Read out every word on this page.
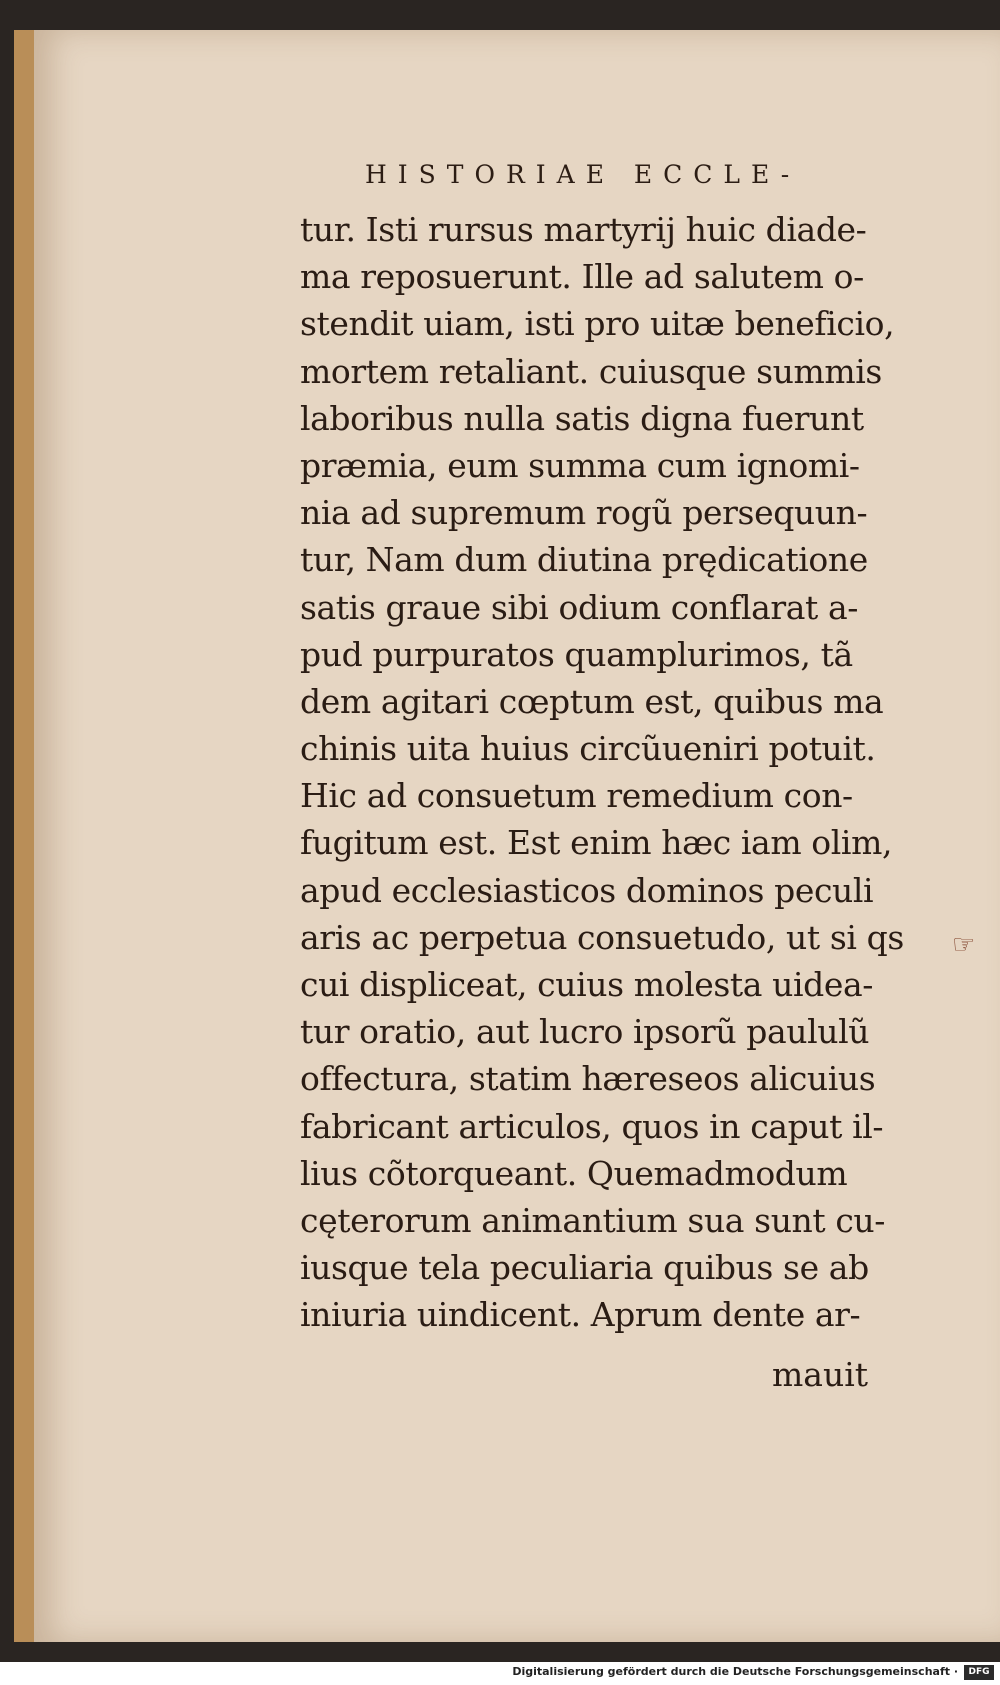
HISTORIAE ECCLE-
tur. Isti rursus martyrij huic diade-
ma reposuerunt. Ille ad salutem o-
stendit uiam, isti pro uitæ beneficio,
mortem retaliant. cuiusque summis
laboribus nulla satis digna fuerunt
præmia, eum summa cum ignomi-
nia ad supremum rogũ persequun-
tur, Nam dum diutina prędicatione
satis graue sibi odium conflarat a-
pud purpuratos quamplurimos, tã
dem agitari cœptum est, quibus ma
chinis uita huius circũueniri potuit.
Hic ad consuetum remedium con-
fugitum est. Est enim hæc iam olim,
apud ecclesiasticos dominos peculi
aris ac perpetua consuetudo, ut si qs
cui displiceat, cuius molesta uidea-
tur oratio, aut lucro ipsorũ paululũ
offectura, statim hæreseos alicuius
fabricant articulos, quos in caput il-
lius cõtorqueant. Quemadmodum
cęterorum animantium sua sunt cu-
iusque tela peculiaria quibus se ab
iniuria uindicent. Aprum dente ar-
mauit
☞
Digitalisierung gefördert durch die Deutsche Forschungsgemeinschaft ·	DFG
